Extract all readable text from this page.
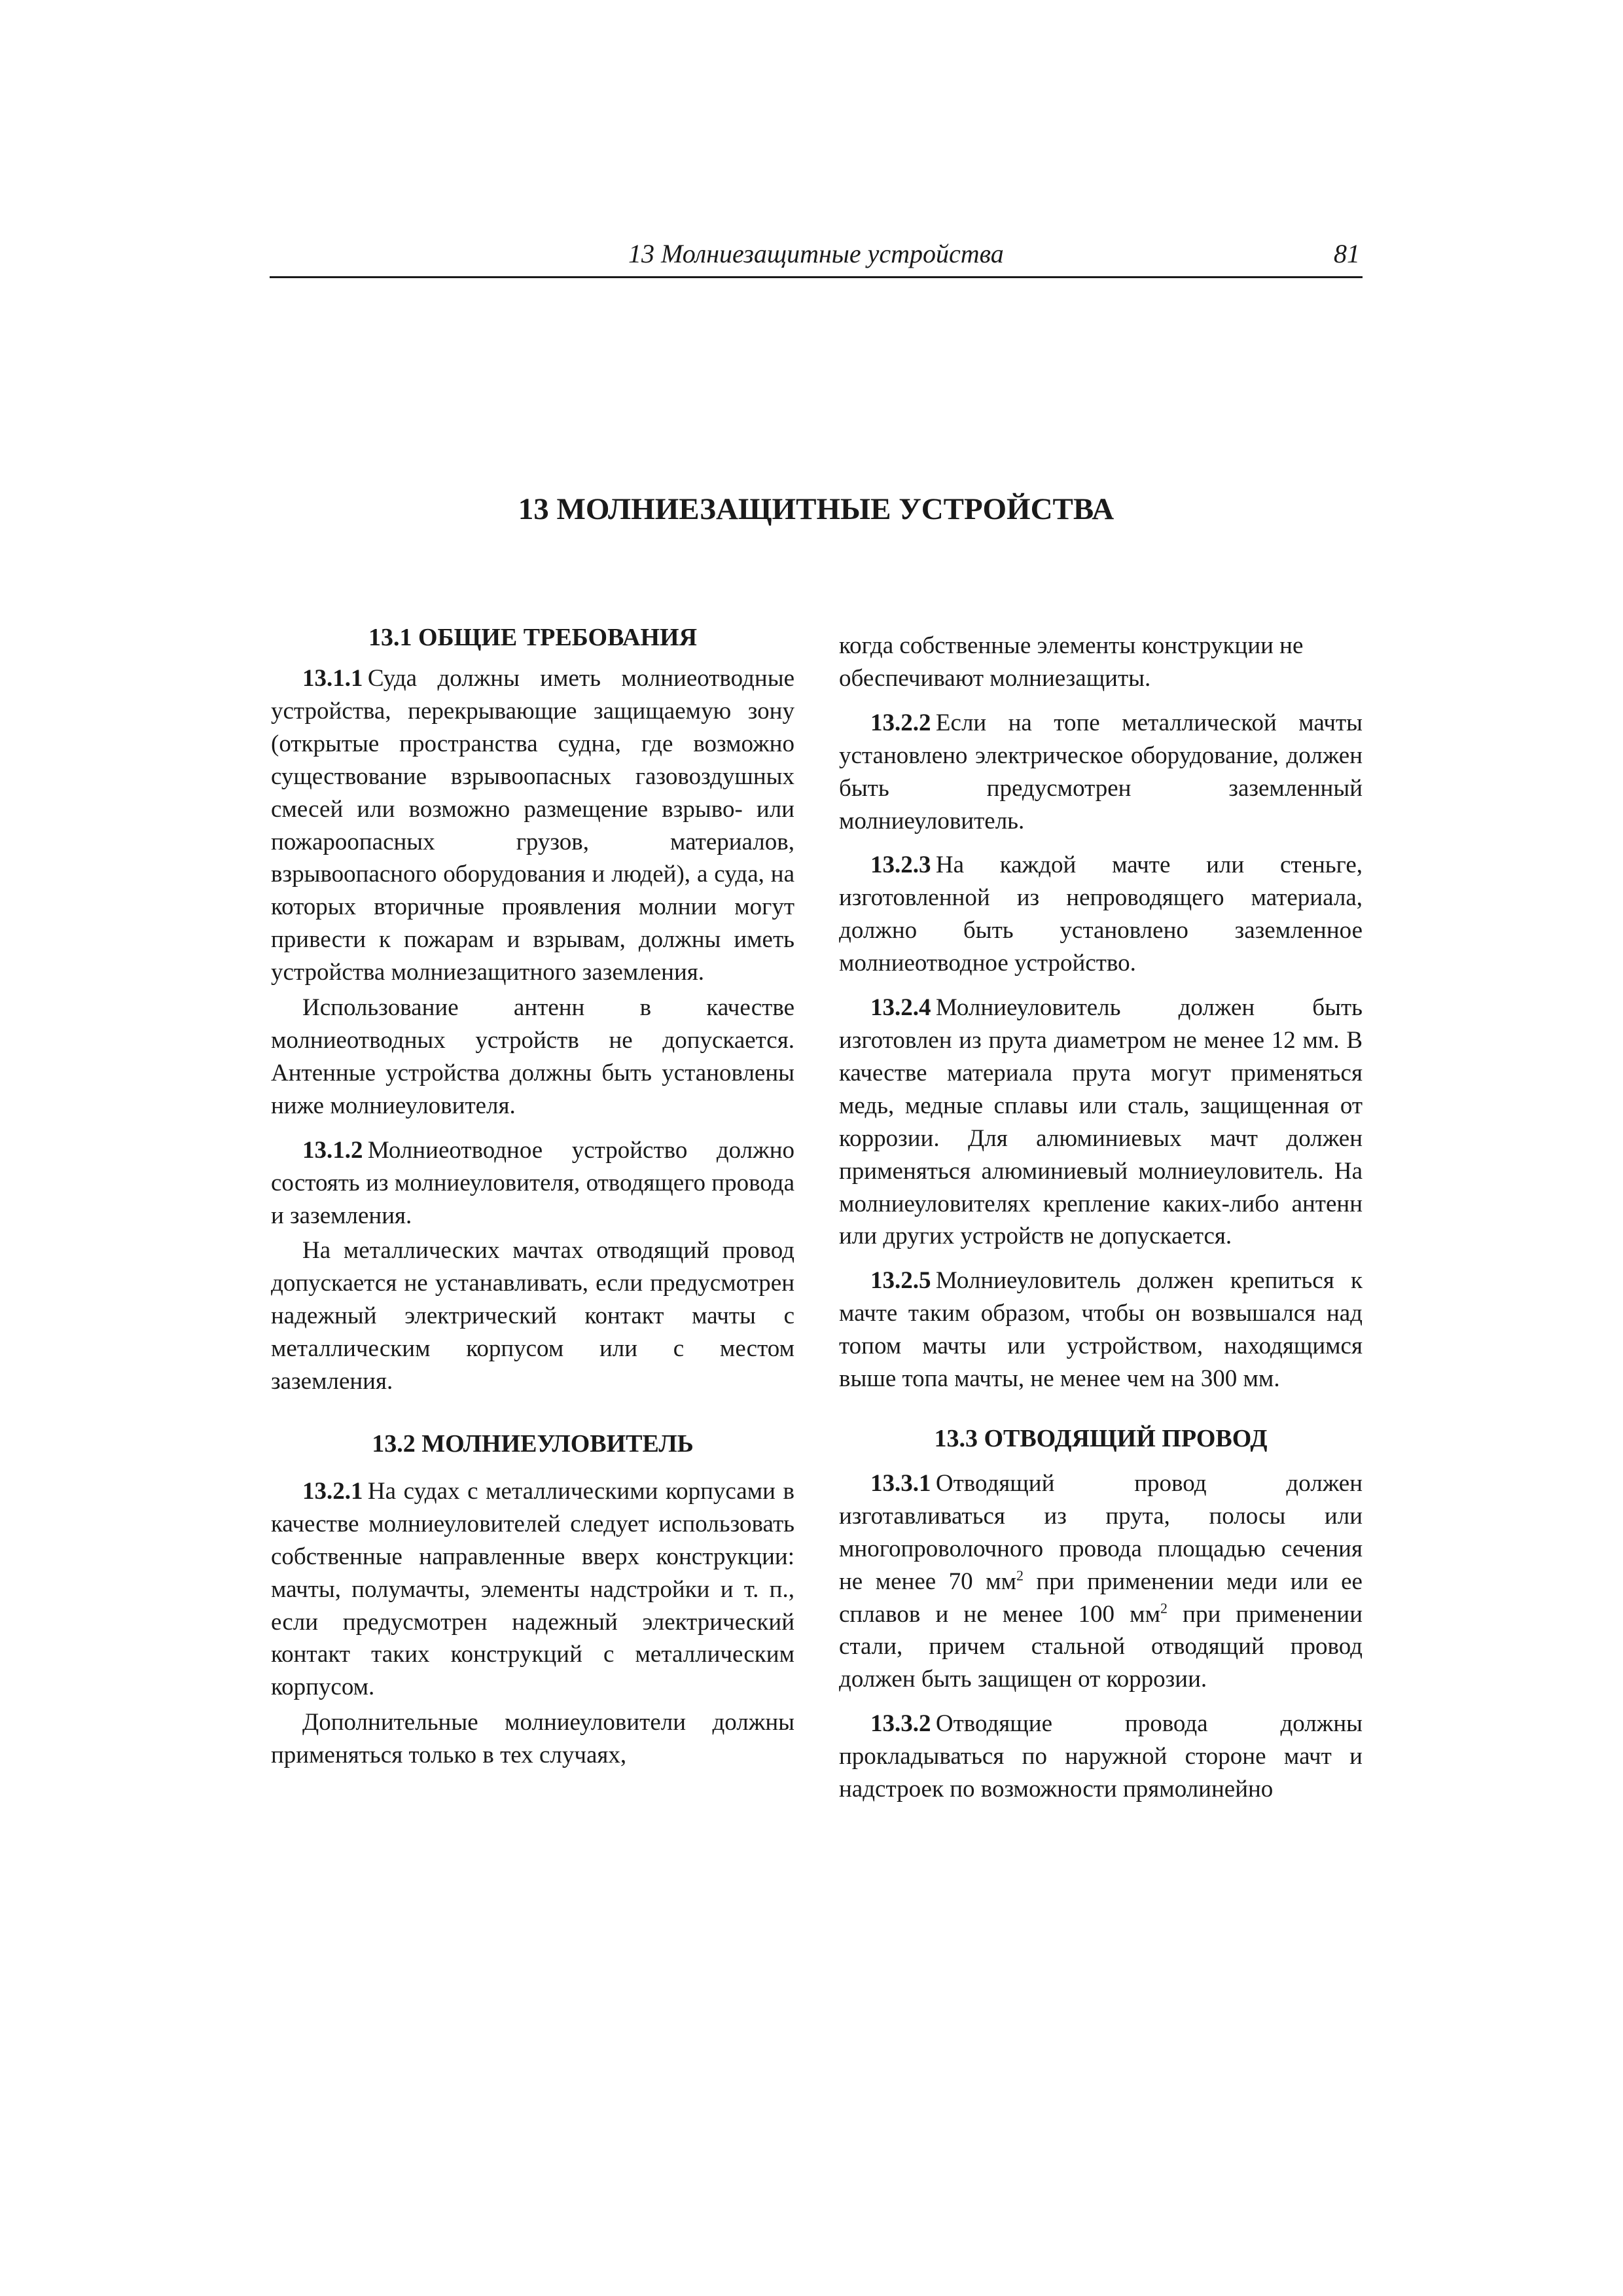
13 Молниезащитные устройства	81
13 МОЛНИЕЗАЩИТНЫЕ УСТРОЙСТВА
13.1 ОБЩИЕ ТРЕБОВАНИЯ

13.1.1  Суда должны иметь молниеотводные устройства, перекрывающие защищаемую зону (открытые пространства судна, где возможно существование взрывоопасных газовоздушных смесей или возможно размещение взрыво- или пожароопасных грузов, материалов, взрывоопасного оборудования и людей), а суда, на которых вторичные проявления молнии могут привести к пожарам и взрывам, должны иметь устройства молниезащитного заземления.

Использование антенн в качестве молниеотводных устройств не допускается. Антенные устройства должны быть установлены ниже молниеуловителя.

13.1.2  Молниеотводное устройство должно состоять из молниеуловителя, отводящего провода и заземления.

На металлических мачтах отводящий провод допускается не устанавливать, если предусмотрен надежный электрический контакт мачты с металлическим корпусом или с местом заземления.

13.2 МОЛНИЕУЛОВИТЕЛЬ

13.2.1  На судах с металлическими корпусами в качестве молниеуловителей следует использовать собственные направленные вверх конструкции: мачты, полумачты, элементы надстройки и т. п., если предусмотрен надежный электрический контакт таких конструкций с металлическим корпусом.

Дополнительные молниеуловители должны применяться только в тех случаях,

когда собственные элементы конструкции не обеспечивают молниезащиты.

13.2.2  Если на топе металлической мачты установлено электрическое оборудование, должен быть предусмотрен заземленный молниеуловитель.

13.2.3  На каждой мачте или стеньге, изготовленной из непроводящего материала, должно быть установлено заземленное молниеотводное устройство.

13.2.4  Молниеуловитель должен быть изготовлен из прута диаметром не менее 12 мм. В качестве материала прута могут применяться медь, медные сплавы или сталь, защищенная от коррозии. Для алюминиевых мачт должен применяться алюминиевый молниеуловитель. На молниеуловителях крепление каких-либо антенн или других устройств не допускается.

13.2.5  Молниеуловитель должен крепиться к мачте таким образом, чтобы он возвышался над топом мачты или устройством, находящимся выше топа мачты, не менее чем на 300 мм.

13.3 ОТВОДЯЩИЙ ПРОВОД

13.3.1  Отводящий провод должен изготавливаться из прута, полосы или многопроволочного провода площадью сечения не менее 70 $мм^2$ при применении меди или ее сплавов и не менее 100 $мм^2$ при применении стали, причем стальной отводящий провод должен быть защищен от коррозии.

13.3.2  Отводящие провода должны прокладываться по наружной стороне мачт и надстроек по возможности прямолинейно
